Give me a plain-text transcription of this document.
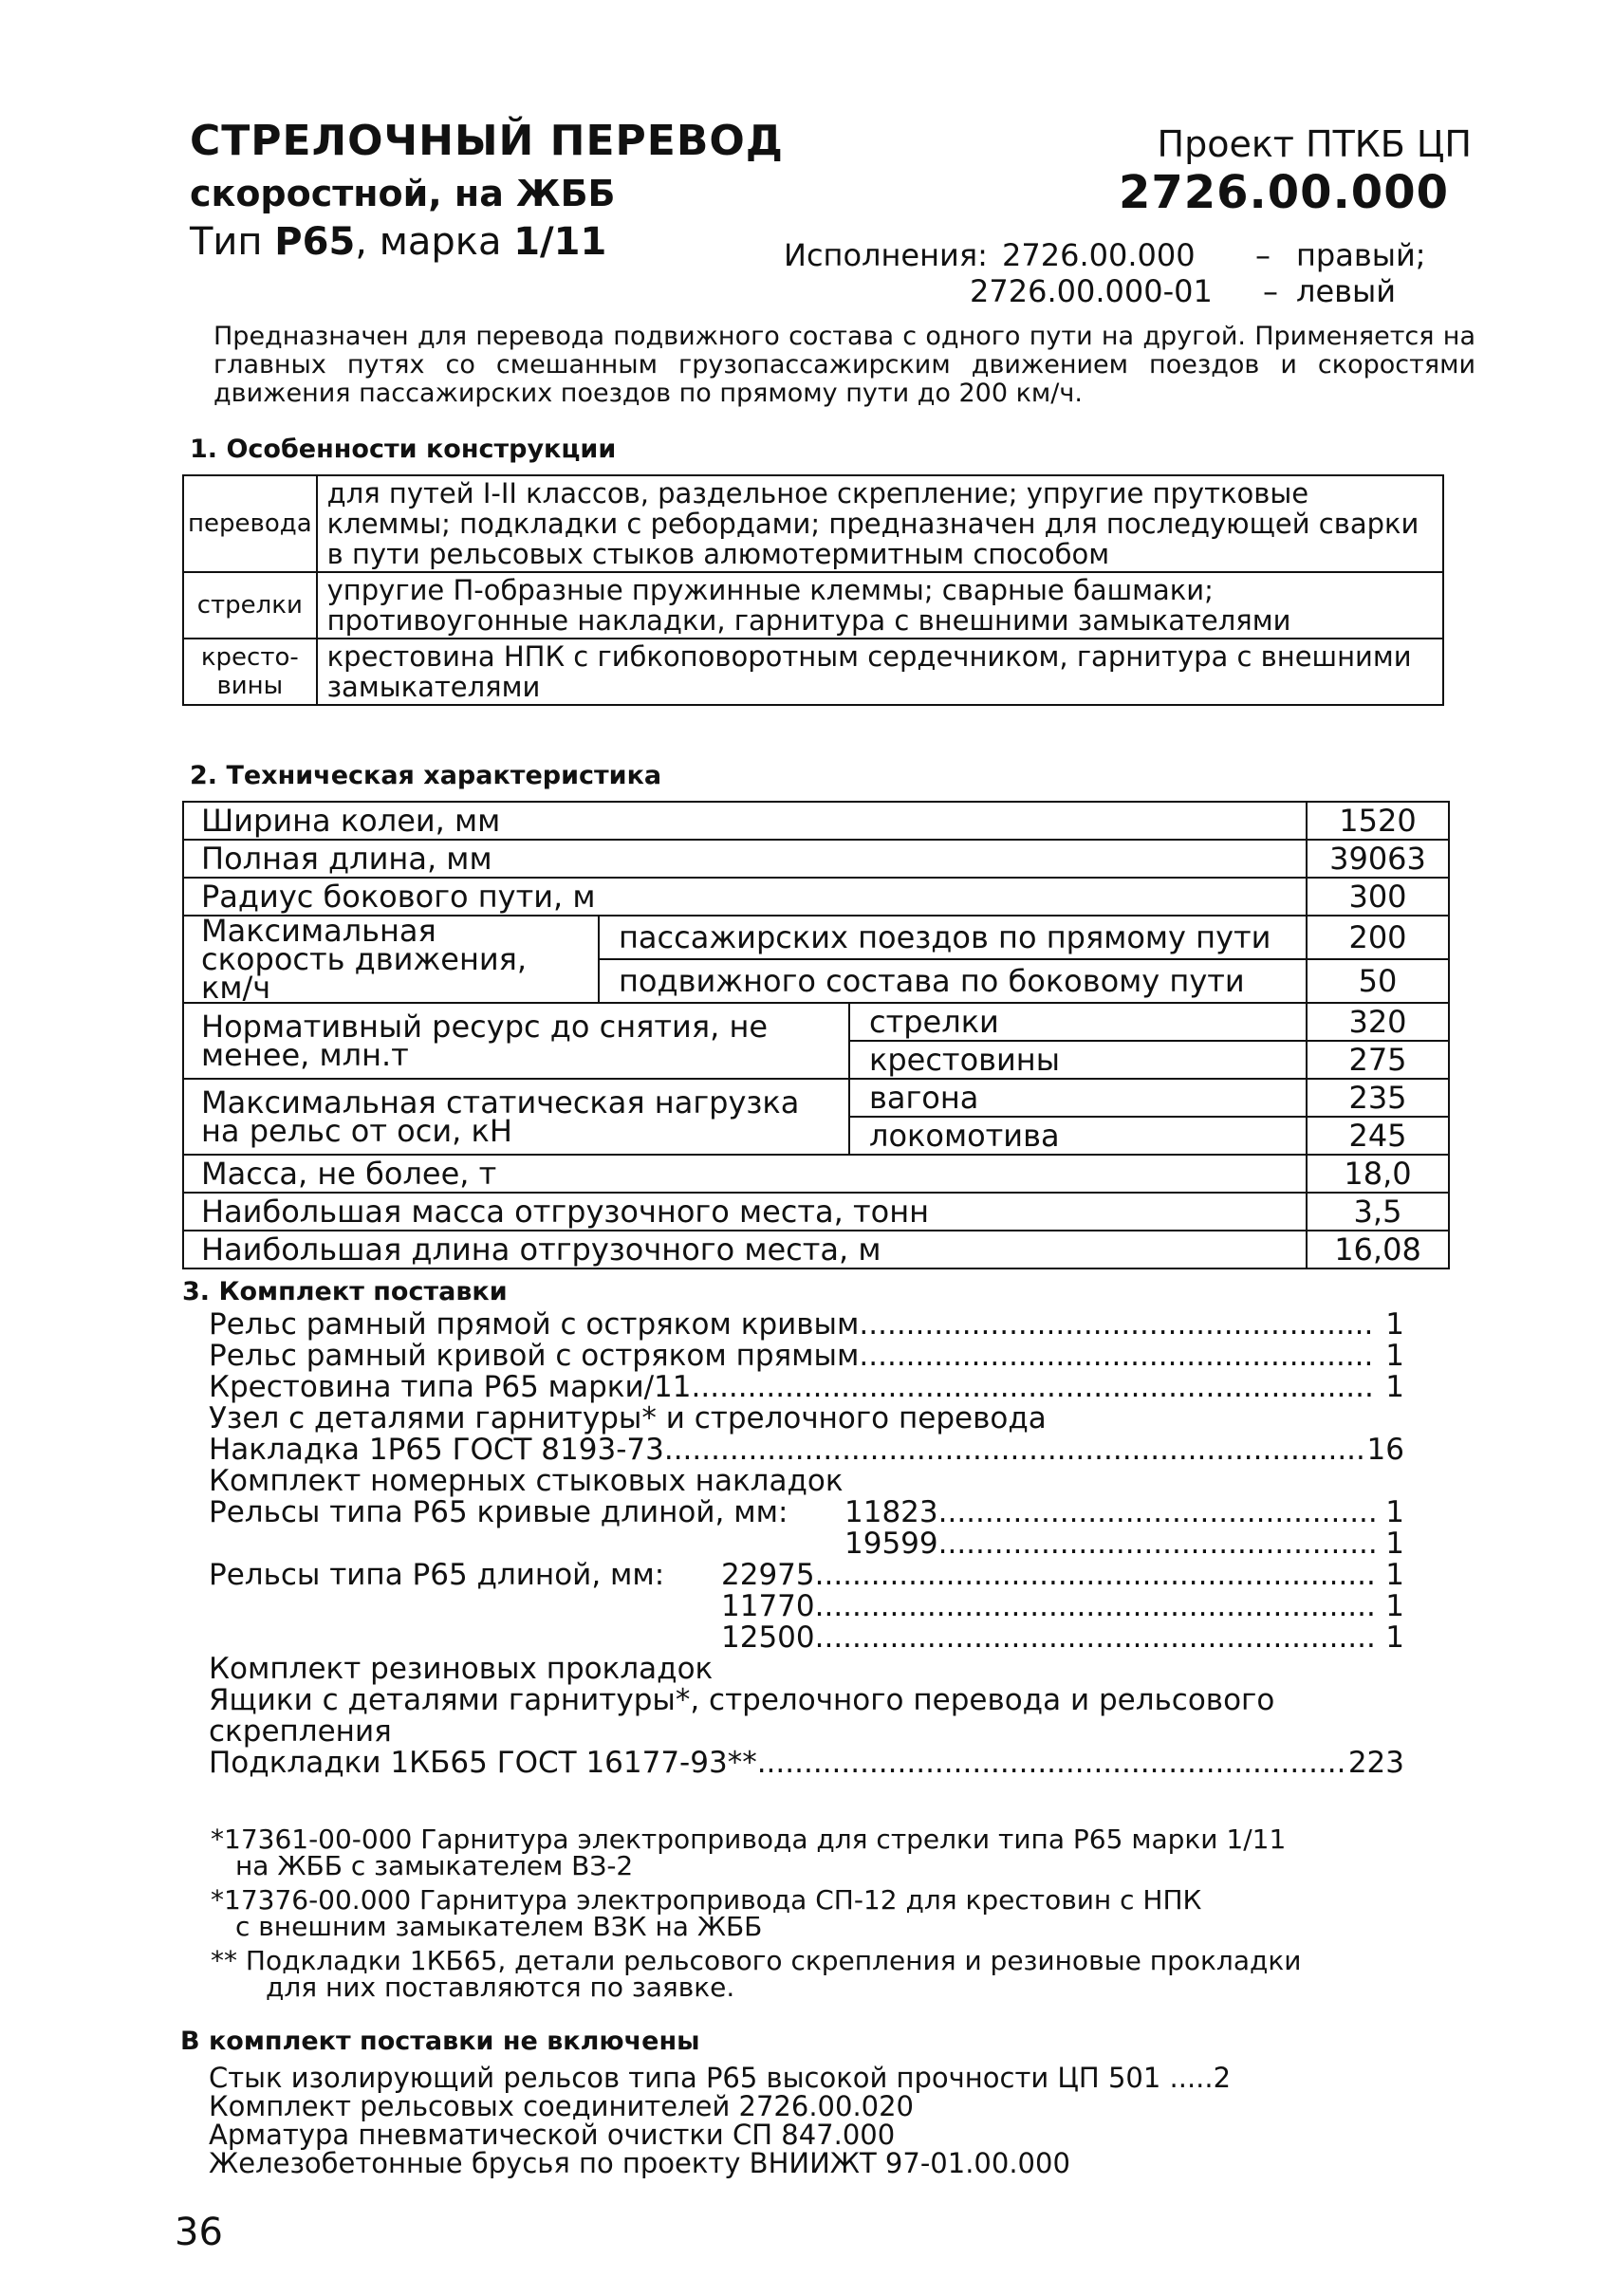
СТРЕЛОЧНЫЙ ПЕРЕВОД
скоростной, на ЖББ
Тип Р65, марка 1/11
Проект ПТКБ ЦП
2726.00.000
Исполнения: 2726.00.000	– правый;
2726.00.000-01	– левый
Предназначен для перевода подвижного состава с одного пути на другой. Применяется на главных путях со смешанным грузопассажирским движением поездов и скоростями движения пассажирских поездов по прямому пути до 200 км/ч.
1. Особенности конструкции
перевода	для путей I-II классов, раздельное скрепление; упругие прутковые клеммы; подкладки с ребордами; предназначен для последующей сварки в пути рельсовых стыков алюмотермитным способом
стрелки	упругие П-образные пружинные клеммы; сварные башмаки; противоугонные накладки, гарнитура с внешними замыкателями
кресто-вины	крестовина НПК с гибкоповоротным сердечником, гарнитура с внешними замыкателями
2. Техническая характеристика
Ширина колеи, мм			1520
Полная длина, мм			39063
Радиус бокового пути, м			300
Максимальная скорость движения, км/ч	пассажирских поездов по прямому пути		200
	подвижного состава по боковому пути		50
Нормативный ресурс до снятия, не менее, млн.т		стрелки	320
		крестовины	275
Максимальная статическая нагрузка на рельс от оси, кН		вагона	235
		локомотива	245
Масса, не более, т			18,0
Наибольшая масса отгрузочного места, тонн			3,5
Наибольшая длина отгрузочного места, м			16,08
3. Комплект поставки
Рельс рамный прямой с остряком кривым .....	1
Рельс рамный кривой с остряком прямым .....	1
Крестовина типа Р65 марки/11 .....	1
Узел с деталями гарнитуры* и стрелочного перевода
Накладка 1Р65 ГОСТ 8193-73 .....	16
Комплект номерных стыковых накладок
Рельсы типа Р65 кривые длиной, мм:	11823 .....	1
19599 .....	1
Рельсы типа Р65 длиной, мм:	22975 .....	1
11770 .....	1
12500 .....	1
Комплект резиновых прокладок
Ящики с деталями гарнитуры*, стрелочного перевода и рельсового скрепления
Подкладки 1КБ65 ГОСТ 16177-93** .....	223
*17361-00-000 Гарнитура электропривода для стрелки типа Р65 марки 1/11
на ЖББ с замыкателем ВЗ-2
*17376-00.000 Гарнитура электропривода СП-12 для крестовин с НПК
с внешним замыкателем ВЗК на ЖББ
** Подкладки 1КБ65, детали рельсового скрепления и резиновые прокладки
для них поставляются по заявке.
В комплект поставки не включены
Стык изолирующий рельсов типа Р65 высокой прочности ЦП 501 .....2
Комплект рельсовых соединителей 2726.00.020
Арматура пневматической очистки СП 847.000
Железобетонные брусья по проекту ВНИИЖТ 97-01.00.000
36
